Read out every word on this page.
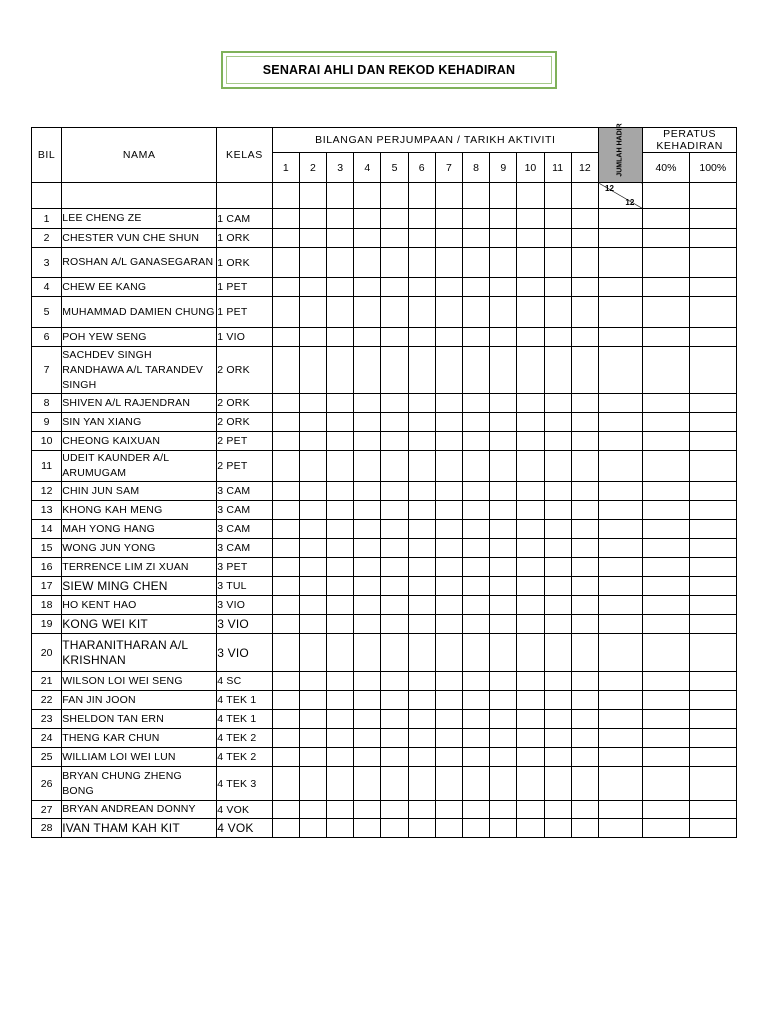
SENARAI AHLI DAN REKOD KEHADIRAN
BIL	NAMA	KELAS	BILANGAN PERJUMPAAN / TARIKH AKTIVITI												JUMLAH HADIR	PERATUS KEHADIRAN	
			1	2	3	4	5	6	7	8	9	10	11	12		40%	100%

															12
12		

1	LEE CHENG ZE	1 CAM															
2	CHESTER VUN CHE SHUN	1 ORK															
3	ROSHAN A/L GANASEGARAN	1 ORK															
4	CHEW EE KANG	1 PET															
5	MUHAMMAD DAMIEN CHUNG	1 PET															
6	POH YEW SENG	1 VIO															
7	SACHDEV SINGH RANDHAWA A/L TARANDEV SINGH	2 ORK															
8	SHIVEN A/L RAJENDRAN	2 ORK															
9	SIN YAN XIANG	2 ORK															
10	CHEONG KAIXUAN	2 PET															
11	UDEIT KAUNDER A/L ARUMUGAM	2 PET															
12	CHIN JUN SAM	3 CAM															
13	KHONG KAH MENG	3 CAM															
14	MAH YONG HANG	3 CAM															
15	WONG JUN YONG	3 CAM															
16	TERRENCE LIM ZI XUAN	3 PET															
17	SIEW MING CHEN	3 TUL															
18	HO KENT HAO	3 VIO															
19	KONG WEI KIT	3 VIO															
20	THARANITHARAN A/L KRISHNAN	3 VIO															
21	WILSON LOI WEI SENG	4 SC															
22	FAN JIN JOON	4 TEK 1															
23	SHELDON TAN ERN	4 TEK 1															
24	THENG KAR CHUN	4 TEK 2															
25	WILLIAM LOI WEI LUN	4 TEK 2															
26	BRYAN CHUNG ZHENG BONG	4 TEK 3															
27	BRYAN ANDREAN DONNY	4 VOK															
28	IVAN THAM KAH KIT	4 VOK															
